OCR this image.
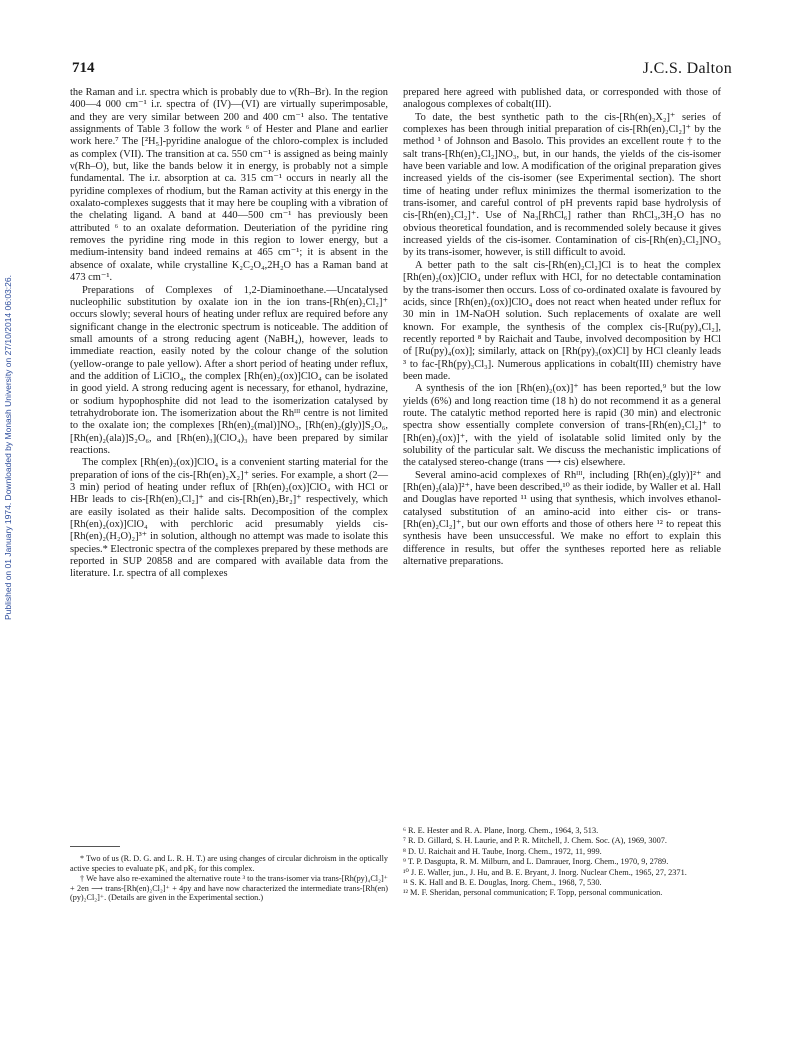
714	J.C.S. Dalton
Published on 01 January 1974. Downloaded by Monash University on 27/10/2014 06:03:26.

the Raman and i.r. spectra which is probably due to ν(Rh–Br). In the region 400—4 000 cm⁻¹ i.r. spectra of (IV)—(VI) are virtually superimposable, and they are very similar between 200 and 400 cm⁻¹ also. The tentative assignments of Table 3 follow the work ⁶ of Hester and Plane and earlier work here.⁷ The [²H₅]-pyridine analogue of the chloro-complex is included as complex (VII). The transition at ca. 550 cm⁻¹ is assigned as being mainly ν(Rh–O), but, like the bands below it in energy, is probably not a simple fundamental. The i.r. absorption at ca. 315 cm⁻¹ occurs in nearly all the pyridine complexes of rhodium, but the Raman activity at this energy in the oxalato-complexes suggests that it may here be coupling with a vibration of the chelating ligand. A band at 440—500 cm⁻¹ has previously been attributed ⁶ to an oxalate deformation. Deuteriation of the pyridine ring removes the pyridine ring mode in this region to lower energy, but a medium-intensity band indeed remains at 465 cm⁻¹; it is absent in the absence of oxalate, while crystalline K₂C₂O₄,2H₂O has a Raman band at 473 cm⁻¹.

Preparations of Complexes of 1,2-Diaminoethane.—Uncatalysed nucleophilic substitution by oxalate ion in the ion trans-[Rh(en)₂Cl₂]⁺ occurs slowly; several hours of heating under reflux are required before any significant change in the electronic spectrum is noticeable. The addition of small amounts of a strong reducing agent (NaBH₄), however, leads to immediate reaction, easily noted by the colour change of the solution (yellow-orange to pale yellow). After a short period of heating under reflux, and the addition of LiClO₄, the complex [Rh(en)₂(ox)]ClO₄ can be isolated in good yield. A strong reducing agent is necessary, for ethanol, hydrazine, or sodium hypophosphite did not lead to the isomerization catalysed by tetrahydroborate ion. The isomerization about the Rhᴵᴵᴵ centre is not limited to the oxalate ion; the complexes [Rh(en)₂(mal)]NO₃, [Rh(en)₂(gly)]S₂O₆, [Rh(en)₂(ala)]S₂O₆, and [Rh(en)₃](ClO₄)₃ have been prepared by similar reactions.

The complex [Rh(en)₂(ox)]ClO₄ is a convenient starting material for the preparation of ions of the cis-[Rh(en)₂X₂]⁺ series. For example, a short (2—3 min) period of heating under reflux of [Rh(en)₂(ox)]ClO₄ with HCl or HBr leads to cis-[Rh(en)₂Cl₂]⁺ and cis-[Rh(en)₂Br₂]⁺ respectively, which are easily isolated as their halide salts. Decomposition of the complex [Rh(en)₂(ox)]ClO₄ with perchloric acid presumably yields cis-[Rh(en)₂(H₂O)₂]³⁺ in solution, although no attempt was made to isolate this species.* Electronic spectra of the complexes prepared by these methods are reported in SUP 20858 and are compared with available data from the literature. I.r. spectra of all complexes

prepared here agreed with published data, or corresponded with those of analogous complexes of cobalt(III).

To date, the best synthetic path to the cis-[Rh(en)₂X₂]⁺ series of complexes has been through initial preparation of cis-[Rh(en)₂Cl₂]⁺ by the method ¹ of Johnson and Basolo. This provides an excellent route † to the salt trans-[Rh(en)₂Cl₂]NO₃, but, in our hands, the yields of the cis-isomer have been variable and low. A modification of the original preparation gives increased yields of the cis-isomer (see Experimental section). The short time of heating under reflux minimizes the thermal isomerization to the trans-isomer, and careful control of pH prevents rapid base hydrolysis of cis-[Rh(en)₂Cl₂]⁺. Use of Na₃[RhCl₆] rather than RhCl₃,3H₂O has no obvious theoretical foundation, and is recommended solely because it gives increased yields of the cis-isomer. Contamination of cis-[Rh(en)₂Cl₂]NO₃ by its trans-isomer, however, is still difficult to avoid.

A better path to the salt cis-[Rh(en)₂Cl₂]Cl is to heat the complex [Rh(en)₂(ox)]ClO₄ under reflux with HCl, for no detectable contamination by the trans-isomer then occurs. Loss of co-ordinated oxalate is favoured by acids, since [Rh(en)₂(ox)]ClO₄ does not react when heated under reflux for 30 min in 1M-NaOH solution. Such replacements of oxalate are well known. For example, the synthesis of the complex cis-[Ru(py)₄Cl₂], recently reported ⁸ by Raichait and Taube, involved decomposition by HCl of [Ru(py)₄(ox)]; similarly, attack on [Rh(py)₃(ox)Cl] by HCl cleanly leads ³ to fac-[Rh(py)₃Cl₃]. Numerous applications in cobalt(III) chemistry have been made.

A synthesis of the ion [Rh(en)₂(ox)]⁺ has been reported,⁹ but the low yields (6%) and long reaction time (18 h) do not recommend it as a general route. The catalytic method reported here is rapid (30 min) and electronic spectra show essentially complete conversion of trans-[Rh(en)₂Cl₂]⁺ to [Rh(en)₂(ox)]⁺, with the yield of isolatable solid limited only by the solubility of the particular salt. We discuss the mechanistic implications of the catalysed stereo-change (trans ⟶ cis) elsewhere.

Several amino-acid complexes of Rhᴵᴵᴵ, including [Rh(en)₂(gly)]²⁺ and [Rh(en)₂(ala)]²⁺, have been described,¹⁰ as their iodide, by Waller et al. Hall and Douglas have reported ¹¹ using that synthesis, which involves ethanol-catalysed substitution of an amino-acid into either cis- or trans-[Rh(en)₂Cl₂]⁺, but our own efforts and those of others here ¹² to repeat this synthesis have been unsuccessful. We make no effort to explain this difference in results, but offer the syntheses reported here as reliable alternative preparations.

* Two of us (R. D. G. and L. R. H. T.) are using changes of circular dichroism in the optically active species to evaluate pK₁ and pK₂ for this complex.

† We have also re-examined the alternative route ³ to the trans-isomer via trans-[Rh(py)₄Cl₂]⁺ + 2en ⟶ trans-[Rh(en)₂Cl₂]⁺ + 4py and have now characterized the intermediate trans-[Rh(en)(py)₂Cl₂]⁺. (Details are given in the Experimental section.)

⁶ R. E. Hester and R. A. Plane, Inorg. Chem., 1964, 3, 513.

⁷ R. D. Gillard, S. H. Laurie, and P. R. Mitchell, J. Chem. Soc. (A), 1969, 3007.

⁸ D. U. Raichait and H. Taube, Inorg. Chem., 1972, 11, 999.

⁹ T. P. Dasgupta, R. M. Milburn, and L. Damrauer, Inorg. Chem., 1970, 9, 2789.

¹⁰ J. E. Waller, jun., J. Hu, and B. E. Bryant, J. Inorg. Nuclear Chem., 1965, 27, 2371.

¹¹ S. K. Hall and B. E. Douglas, Inorg. Chem., 1968, 7, 530.

¹² M. F. Sheridan, personal communication; F. Topp, personal communication.
